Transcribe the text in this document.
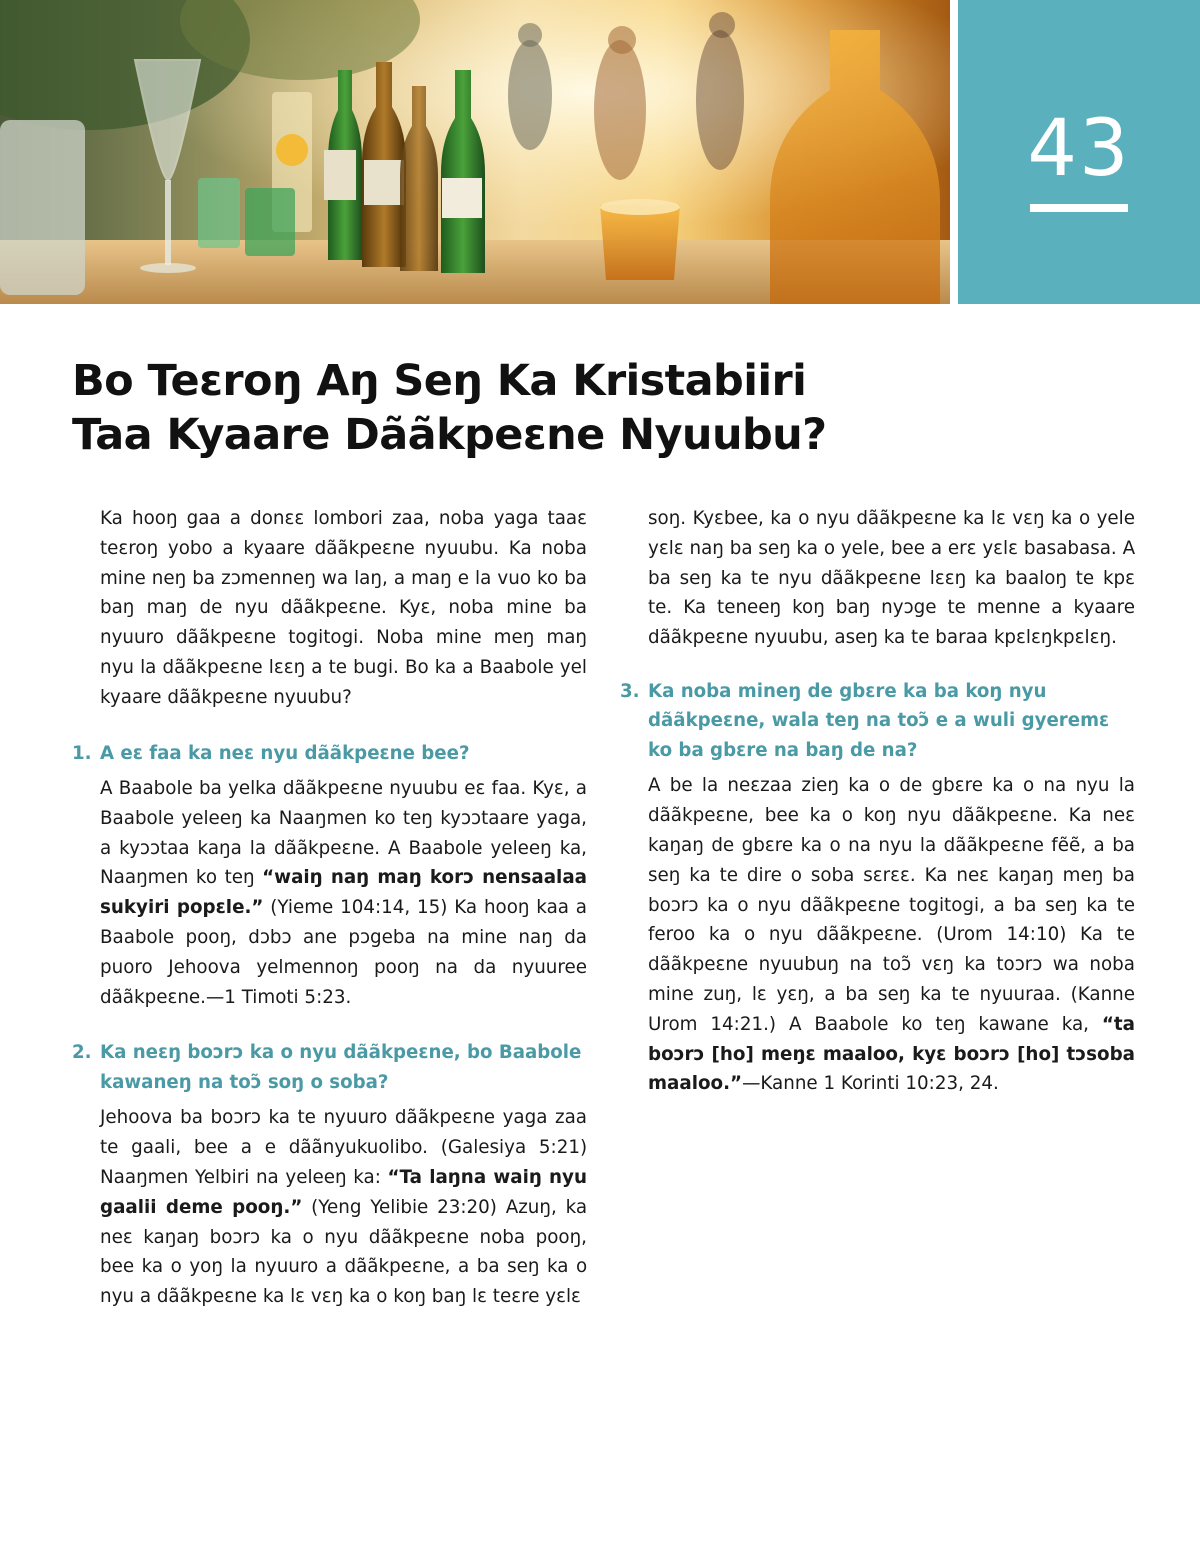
43
Bo Teɛroŋ Aŋ Seŋ Ka Kristabiiri
Taa Kyaare Dããkpeɛne Nyuubu?

Ka hooŋ gaa a donɛɛ lombori zaa, noba yaga taaɛ teɛroŋ yobo a kyaare dããkpeɛne nyuubu. Ka noba mine neŋ ba zɔmenneŋ wa laŋ, a maŋ e la vuo ko ba baŋ maŋ de nyu dããkpeɛne. Kyɛ, noba mine ba nyuuro dããkpeɛne togitogi. Noba mine meŋ maŋ nyu la dããkpeɛne lɛɛŋ a te bugi. Bo ka a Baabole yel kyaare dããkpeɛne nyuubu?

1. A eɛ faa ka neɛ nyu dããkpeɛne bee?

A Baabole ba yelka dããkpeɛne nyuubu eɛ faa. Kyɛ, a Baabole yeleeŋ ka Naaŋmen ko teŋ kyɔɔtaare yaga, a kyɔɔtaa kaŋa la dããkpeɛne. A Baabole yeleeŋ ka, Naaŋmen ko teŋ “waiŋ naŋ maŋ korɔ nensaalaa sukyiri popɛle.” (Yieme 104:14, 15) Ka hooŋ kaa a Baabole pooŋ, dɔbɔ ane pɔgeba na mine naŋ da puoro Jehoova yelmennoŋ pooŋ na da nyuuree dããkpeɛne.—1 Timoti 5:23.

2. Ka neɛŋ boɔrɔ ka o nyu dããkpeɛne, bo Baabole kawaneŋ na toɔ̃ soŋ o soba?

Jehoova ba boɔrɔ ka te nyuuro dããkpeɛne yaga zaa te gaali, bee a e dããnyukuolibo. (Galesiya 5:21) Naaŋmen Yelbiri na yeleeŋ ka: “Ta laŋna waiŋ nyu gaalii deme pooŋ.” (Yeng Yelibie 23:20) Azuŋ, ka neɛ kaŋaŋ boɔrɔ ka o nyu dããkpeɛne noba pooŋ, bee ka o yoŋ la nyuuro a dããkpeɛne, a ba seŋ ka o nyu a dããkpeɛne ka lɛ vɛŋ ka o koŋ baŋ lɛ teɛre yɛlɛ

soŋ. Kyɛbee, ka o nyu dããkpeɛne ka lɛ vɛŋ ka o yele yɛlɛ naŋ ba seŋ ka o yele, bee a erɛ yɛlɛ basabasa. A ba seŋ ka te nyu dããkpeɛne lɛɛŋ ka baaloŋ te kpɛ te. Ka teneeŋ koŋ baŋ nyɔge te menne a kyaare dããkpeɛne nyuubu, aseŋ ka te baraa kpɛlɛŋkpɛlɛŋ.

3. Ka noba mineŋ de gbɛre ka ba koŋ nyu dããkpeɛne, wala teŋ na toɔ̃ e a wuli gyeremɛ ko ba gbɛre na baŋ de na?

A be la neɛzaa zieŋ ka o de gbɛre ka o na nyu la dããkpeɛne, bee ka o koŋ nyu dããkpeɛne. Ka neɛ kaŋaŋ de gbɛre ka o na nyu la dããkpeɛne fẽẽ, a ba seŋ ka te dire o soba sɛrɛɛ. Ka neɛ kaŋaŋ meŋ ba boɔrɔ ka o nyu dããkpeɛne togitogi, a ba seŋ ka te feroo ka o nyu dããkpeɛne. (Urom 14:10) Ka te dããkpeɛne nyuubuŋ na toɔ̃ vɛŋ ka toɔrɔ wa noba mine zuŋ, lɛ yɛŋ, a ba seŋ ka te nyuuraa. (Kanne Urom 14:21.) A Baabole ko teŋ kawane ka, “ta boɔrɔ [ho] meŋɛ maaloo, kyɛ boɔrɔ [ho] tɔsoba maaloo.”—Kanne 1 Korinti 10:23, 24.
